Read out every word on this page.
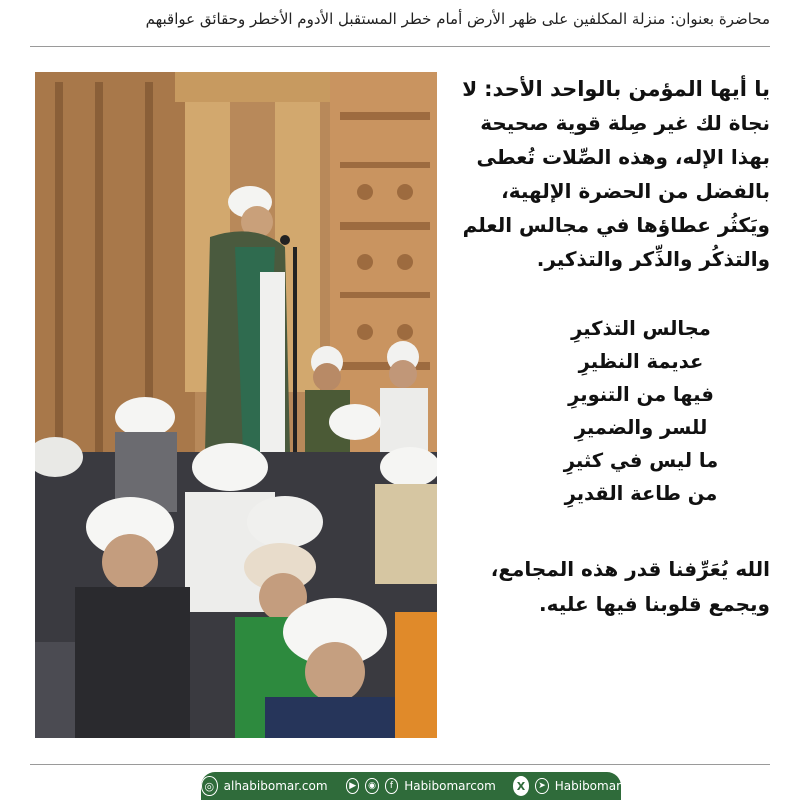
محاضرة بعنوان: منزلة المكلفين على ظهر الأرض أمام خطر المستقبل الأدوم الأخطر وحقائق عواقبهم
يا أيها المؤمن بالواحد الأحد: لا نجاة لك غير صِلة قوية صحيحة بهذا الإله، وهذه الصِّلات تُعطى بالفضل من الحضرة الإلهية، ويَكثُر عطاؤها في مجالس العلم والتذكُر والذِّكر والتذكير.
مجالس التذكيرِ
عديمة النظيرِ
فيها من التنويرِ
للسر والضميرِ
ما ليس في كثيرِ
من طاعة القديرِ
الله يُعَرِّفنا قدر هذه المجامع، ويجمع قلوبنا فيها عليه.
◎ alhabibomar.com	▶	◉	f Habibomarcom	X	➤ Habibomar
